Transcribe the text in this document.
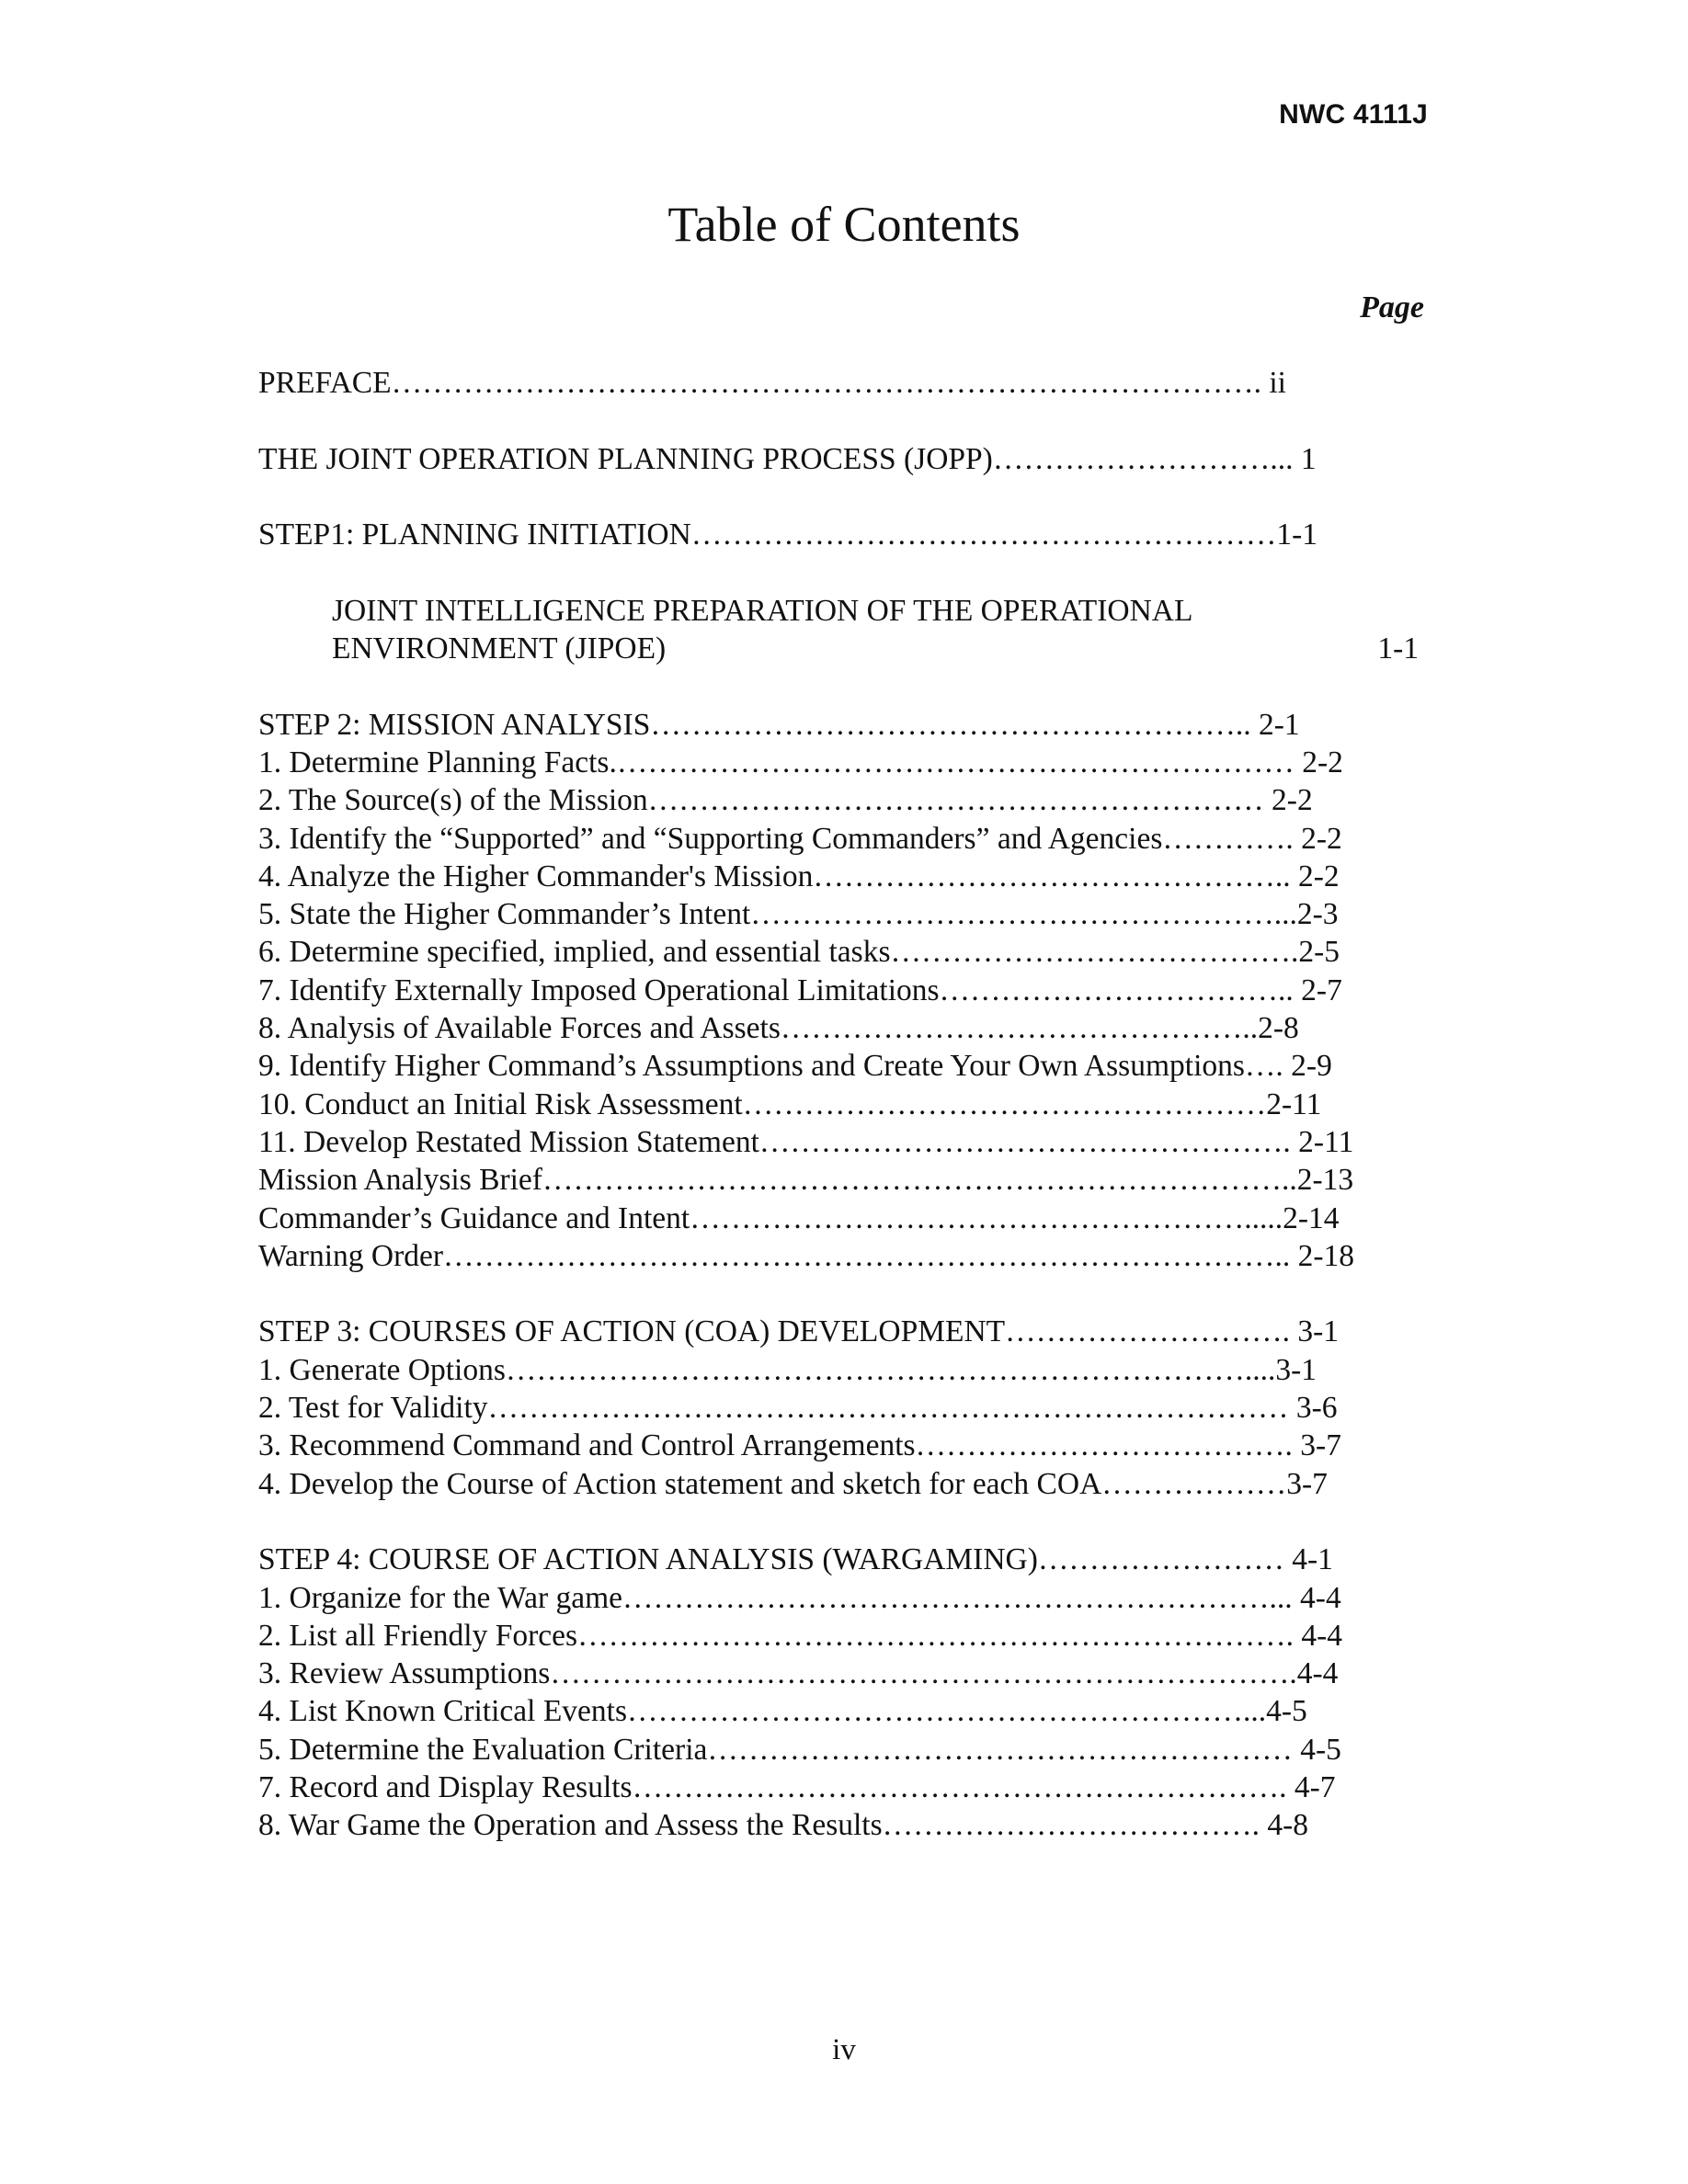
NWC 4111J
Table of Contents
Page
PREFACE…………………………………………………………………………. ii
THE JOINT OPERATION PLANNING PROCESS (JOPP)………………………... 1
STEP1: PLANNING INITIATION…………………………………………………1-1
JOINT INTELLIGENCE PREPARATION OF THE OPERATIONAL
1-1
ENVIRONMENT (JIPOE)
STEP 2: MISSION ANALYSIS………………………………………………….. 2-1
1. Determine Planning Facts.………………………………………………………… 2-2
2. The Source(s) of the Mission…………………………………………………… 2-2
3. Identify the “Supported” and “Supporting Commanders” and Agencies…………. 2-2
4. Analyze the Higher Commander's Mission……………………………………….. 2-2
5. State the Higher Commander’s Intent……………………………………………...2-3
6. Determine specified, implied, and essential tasks………………………………….2-5
7. Identify Externally Imposed Operational Limitations…………………………….. 2-7
8. Analysis of Available Forces and Assets………………………………………..2-8
9. Identify Higher Command’s Assumptions and Create Your Own Assumptions…. 2-9
10. Conduct an Initial Risk Assessment……………………………………………2-11
11. Develop Restated Mission Statement……………………………………………. 2-11
Mission Analysis Brief………………………………………………………………..2-13
Commander’s Guidance and Intent……………………………………………….....2-14
Warning Order……………………………………………………………………….. 2-18
STEP 3: COURSES OF ACTION (COA) DEVELOPMENT………………………. 3-1
1. Generate Options………………………………………………………………....3-1
2. Test for Validity…………………………………………………………………… 3-6
3. Recommend Command and Control Arrangements………………………………. 3-7
4. Develop the Course of Action statement and sketch for each COA………………3-7
STEP 4: COURSE OF ACTION ANALYSIS (WARGAMING)…………………… 4-1
1. Organize for the War game………………………………………………………... 4-4
2. List all Friendly Forces……………………………………………………………. 4-4
3. Review Assumptions……………………………………………………………….4-4
4. List Known Critical Events……………………………………………………...4-5
5. Determine the Evaluation Criteria………………………………………………… 4-5
7. Record and Display Results………………………………………………………. 4-7
8. War Game the Operation and Assess the Results………………………………. 4-8
iv
